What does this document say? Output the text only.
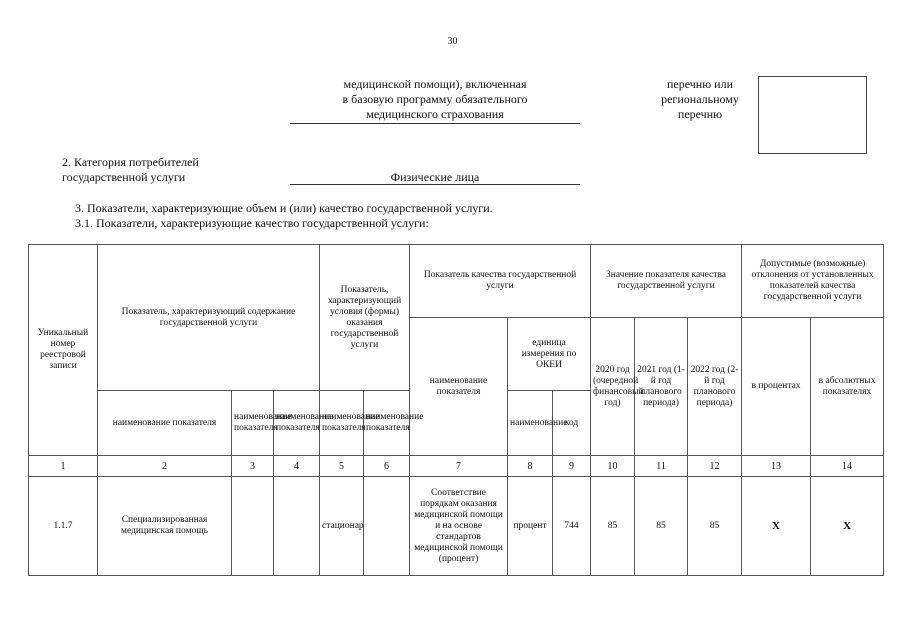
30
медицинской помощи), включенная
в базовую программу обязательного
медицинского страхования
перечню или
региональному
перечню
2. Категория потребителей
государственной услуги	Физические лица
3. Показатели, характеризующие объем и (или) качество государственной услуги.
3.1. Показатели, характеризующие качество государственной услуги:
Уникальный номер реестровой записи	Показатель, характеризующий содержание государственной услуги			Показатель, характеризующий условия (формы) оказания государственной услуги		Показатель качества государственной услуги			Значение показателя качества государственной услуги			Допустимые (возможные) отклонения от установленных показателей качества государственной услуги	
						наименование показателя	единица измерения по ОКЕИ		2020 год (очередной финансовый год)	2021 год (1-й год планового периода)	2022 год (2-й год планового периода)	в процентах	в абсолютных показателях
	наименование показателя	наименование показателя	наименование показателя	наименование показателя	наименование показателя		наименование	код					
1	2	3	4	5	6	7	8	9	10	11	12	13	14
1.1.7	Специализированная медицинская помощь			стационар		Соответствие порядкам оказания медицинской помощи и на основе стандартов медицинской помощи (процент)	процент	744	85	85	85	Х	Х
